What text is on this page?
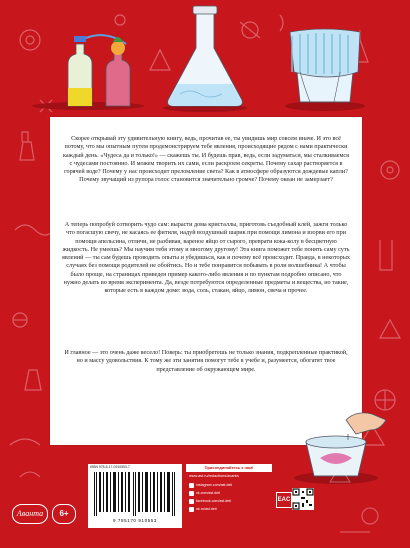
Скорее открывай эту удивительную книгу, ведь, прочитав ее, ты увидишь мир совсем иначе. И это всё потому, что мы опытным путем продемонстрируем тебе явления, происходящие рядом с нами практически каждый день. «Чудеса да и только!» — скажешь ты. И будешь прав, ведь, если задуматься, мы сталкиваемся с чудесами постоянно. И можем творить их сами, если раскроем секреты. Почему сахар растворяется в горячей воде? Почему у нас происходит преломление света? Как в атмосфере образуются дождевые капли? Почему звучащий из рупора голос становится значительно громче? Почему океан не замерзает?

А теперь попробуй сотворить чудо сам: вырасти дома кристаллы, приготовь съедобный клей, зажги только что погасшую свечу, не касаясь ее фитиля, надуй воздушный шарик при помощи лимона и взорви его при помощи апельсина, отличи, не разбивая, вареное яйцо от сырого, преврати кока-колу в бесцветную жидкость. Не умеешь? Мы научим тебя этому и многому другому! Эта книга поможет тебе понять саму суть явлений — ты сам будешь проводить опыты и убедишься, как и почему всё происходит. Правда, в некоторых случаях без помощи родителей не обойтись. Но и тебе понравится побывать в роли волшебника! А чтобы было проще, на страницах приведен пример какого-либо явления и по пунктам подробно описано, что нужно делать во время эксперимента. Да, везде потребуются определенные предметы и вещества, но такие, которые есть в каждом доме: вода, соль, стакан, яйцо, лимон, свеча и прочее.

И главное — это очень даже весело! Поверь: ты приобретешь не только знания, подкрепленные практикой, но и массу удовольствия. К тому же эти занятия помогут тебе в учебе и, разумеется, обогатят твое представление об окружающем мире.

Аванта	6+
ISBN 978-5-17-0910553-7
9 785170 910553
Присоединяйтесь к нам!
www.ast.ru/redactions/avanta
instagram.com/ast.deti
vk.com/ast.deti
facebook.com/ast.deti
ok.ru/ast.deti
EAC
